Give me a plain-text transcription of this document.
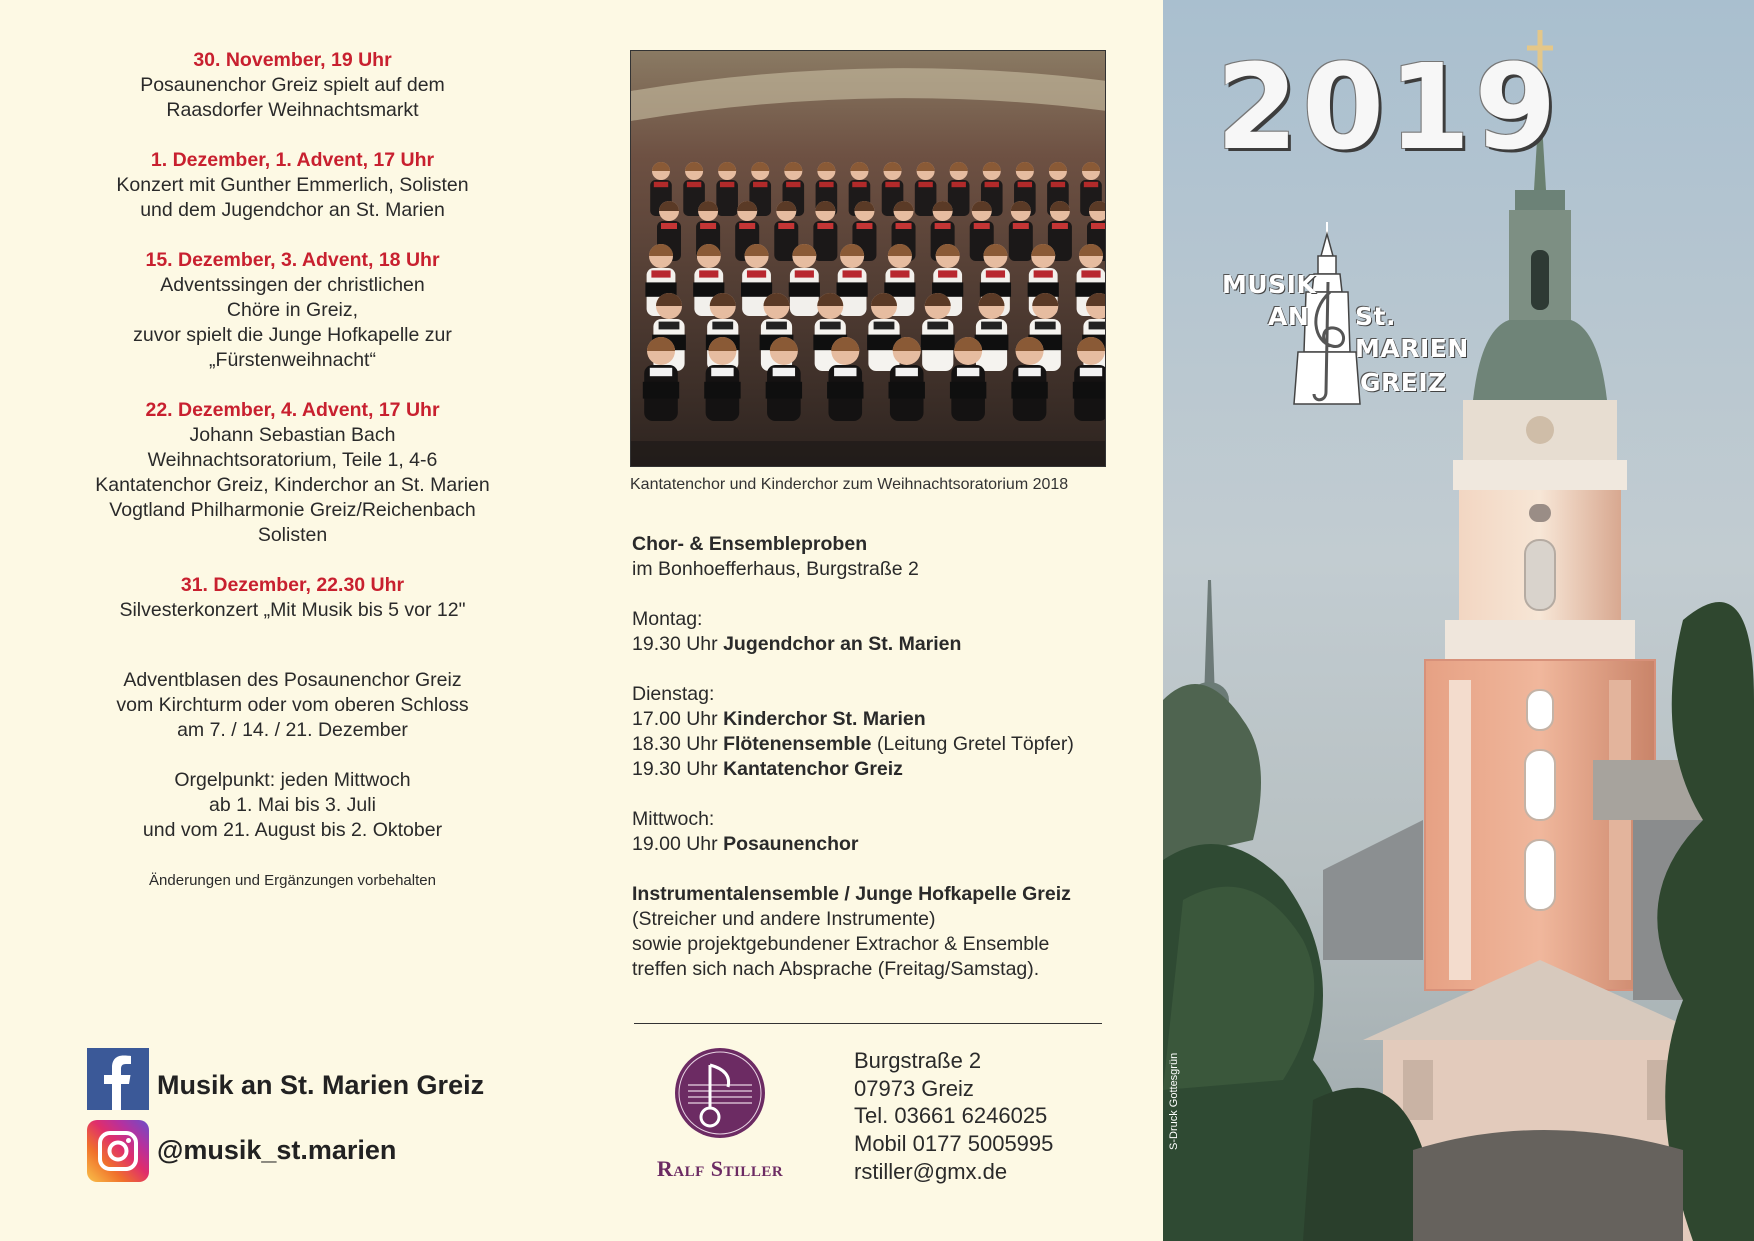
30. November, 19 Uhr
Posaunenchor Greiz spielt auf dem
Raasdorfer Weihnachtsmarkt
1. Dezember, 1. Advent, 17 Uhr
Konzert mit Gunther Emmerlich, Solisten
und dem Jugendchor an St. Marien
15. Dezember, 3. Advent, 18 Uhr
Adventssingen der christlichen
Chöre in Greiz,
zuvor spielt die Junge Hofkapelle zur
„Fürstenweihnacht“
22. Dezember, 4. Advent, 17 Uhr
Johann Sebastian Bach
Weihnachtsoratorium, Teile 1, 4-6
Kantatenchor Greiz, Kinderchor an St. Marien
Vogtland Philharmonie Greiz/Reichenbach
Solisten
31. Dezember, 22.30 Uhr
Silvesterkonzert „Mit Musik bis 5 vor 12"
Adventblasen des Posaunenchor Greiz
vom Kirchturm oder vom oberen Schloss
am 7. / 14. / 21. Dezember
Orgelpunkt: jeden Mittwoch
ab 1. Mai bis 3. Juli
und vom 21. August bis 2. Oktober
Änderungen und Ergänzungen vorbehalten
Musik an St. Marien Greiz
@musik_st.marien
Kantatenchor und Kinderchor zum Weihnachtsoratorium 2018
Chor- & Ensembleproben
im Bonhoefferhaus, Burgstraße 2
Montag:
19.30 Uhr Jugendchor an St. Marien
Dienstag:
17.00 Uhr Kinderchor St. Marien
18.30 Uhr Flötenensemble (Leitung Gretel Töpfer)
19.30 Uhr Kantatenchor Greiz
Mittwoch:
19.00 Uhr Posaunenchor
Instrumentalensemble / Junge Hofkapelle Greiz
(Streicher und andere Instrumente)
sowie projektgebundener Extrachor & Ensemble
treffen sich nach Absprache (Freitag/Samstag).
Ralf Stiller
Burgstraße 2
07973 Greiz
Tel. 03661 6246025
Mobil 0177 5005995
rstiller@gmx.de
2019
MUSIK
AN St.
MARIEN
GREIZ
S-Druck Gottesgrün
